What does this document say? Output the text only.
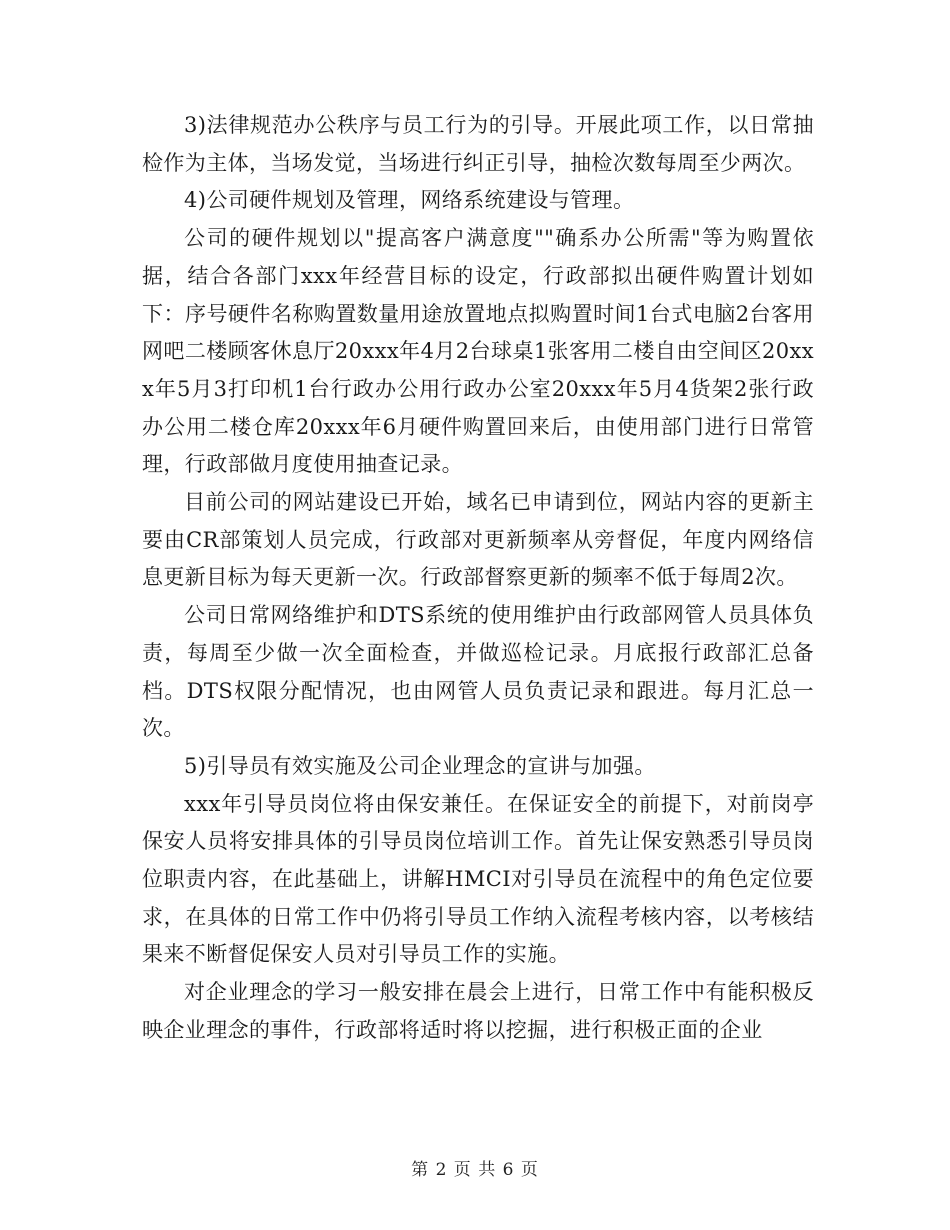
3)法律规范办公秩序与员工行为的引导。开展此项工作，以日常抽检作为主体，当场发觉，当场进行纠正引导，抽检次数每周至少两次。

4)公司硬件规划及管理，网络系统建设与管理。

公司的硬件规划以"提高客户满意度""确系办公所需"等为购置依据，结合各部门xxx年经营目标的设定，行政部拟出硬件购置计划如下：序号硬件名称购置数量用途放置地点拟购置时间1台式电脑2台客用网吧二楼顾客休息厅20xxx年4月2台球桌1张客用二楼自由空间区20xxx年5月3打印机1台行政办公用行政办公室20xxx年5月4货架2张行政办公用二楼仓库20xxx年6月硬件购置回来后，由使用部门进行日常管理，行政部做月度使用抽查记录。

目前公司的网站建设已开始，域名已申请到位，网站内容的更新主要由CR部策划人员完成，行政部对更新频率从旁督促，年度内网络信息更新目标为每天更新一次。行政部督察更新的频率不低于每周2次。

公司日常网络维护和DTS系统的使用维护由行政部网管人员具体负责，每周至少做一次全面检查，并做巡检记录。月底报行政部汇总备档。DTS权限分配情况，也由网管人员负责记录和跟进。每月汇总一次。

5)引导员有效实施及公司企业理念的宣讲与加强。

xxx年引导员岗位将由保安兼任。在保证安全的前提下，对前岗亭保安人员将安排具体的引导员岗位培训工作。首先让保安熟悉引导员岗位职责内容，在此基础上，讲解HMCI对引导员在流程中的角色定位要求，在具体的日常工作中仍将引导员工作纳入流程考核内容，以考核结果来不断督促保安人员对引导员工作的实施。

对企业理念的学习一般安排在晨会上进行，日常工作中有能积极反映企业理念的事件，行政部将适时将以挖掘，进行积极正面的企业

第 2 页 共 6 页
